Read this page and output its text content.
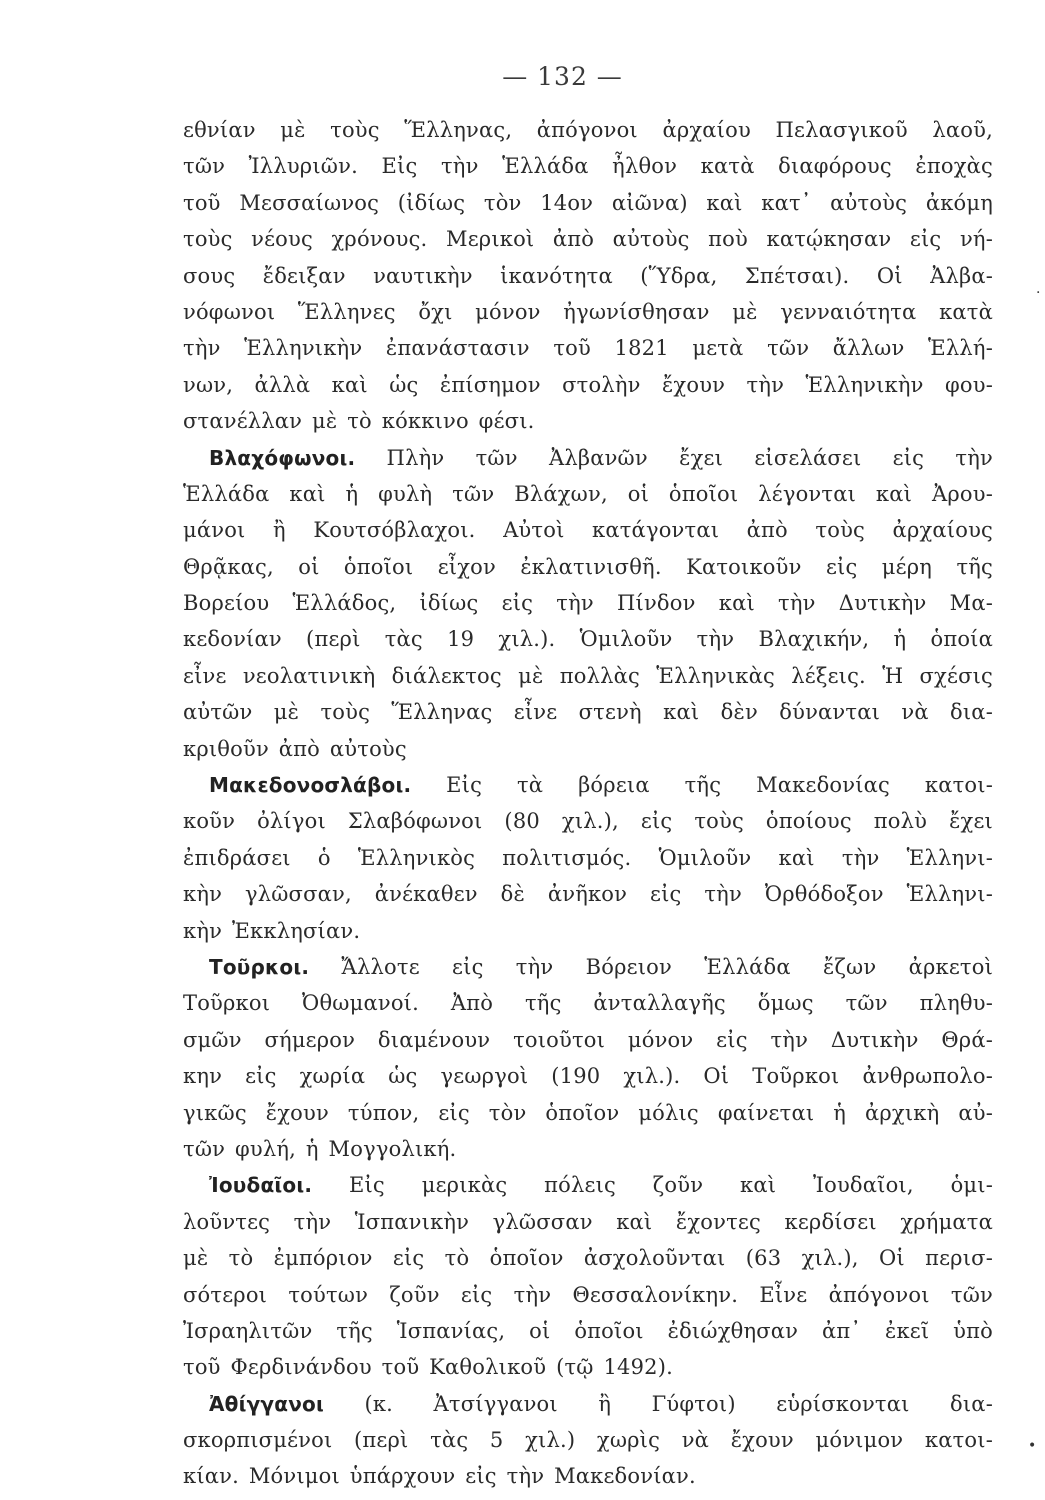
— 132 —
εθνίαν μὲ τοὺς Ἕλληνας, ἀπόγονοι ἀρχαίου Πελασγικοῦ λαοῦ,
τῶν Ἰλλυριῶν. Εἰς τὴν Ἑλλάδα ἦλθον κατὰ διαφόρους ἐποχὰς
τοῦ Μεσσαίωνος (ἰδίως τὸν 14ον αἰῶνα) καὶ κατ᾽ αὐτοὺς ἀκόμη
τοὺς νέους χρόνους. Μερικοὶ ἀπὸ αὐτοὺς ποὺ κατῴκησαν εἰς νή-
σους ἔδειξαν ναυτικὴν ἱκανότητα (Ὕδρα, Σπέτσαι). Οἱ Ἀλβα-
νόφωνοι Ἕλληνες ὄχι μόνον ἠγωνίσθησαν μὲ γενναιότητα κατὰ
τὴν Ἑλληνικὴν ἐπανάστασιν τοῦ 1821 μετὰ τῶν ἄλλων Ἑλλή-
νων, ἀλλὰ καὶ ὡς ἐπίσημον στολὴν ἔχουν τὴν Ἑλληνικὴν φου-
στανέλλαν μὲ τὸ κόκκινο φέσι.
Βλαχόφωνοι. Πλὴν τῶν Ἀλβανῶν ἔχει εἰσελάσει εἰς τὴν
Ἑλλάδα καὶ ἡ φυλὴ τῶν Βλάχων, οἱ ὁποῖοι λέγονται καὶ Ἀρου-
μάνοι ἢ Κουτσόβλαχοι. Αὐτοὶ κατάγονται ἀπὸ τοὺς ἀρχαίους
Θρᾷκας, οἱ ὁποῖοι εἶχον ἐκλατινισθῆ. Κατοικοῦν εἰς μέρη τῆς
Βορείου Ἑλλάδος, ἰδίως εἰς τὴν Πίνδον καὶ τὴν Δυτικὴν Μα-
κεδονίαν (περὶ τὰς 19 χιλ.). Ὁμιλοῦν τὴν Βλαχικήν, ἡ ὁποία
εἶνε νεολατινικὴ διάλεκτος μὲ πολλὰς Ἑλληνικὰς λέξεις. Ἡ σχέσις
αὐτῶν μὲ τοὺς Ἕλληνας εἶνε στενὴ καὶ δὲν δύνανται νὰ δια-
κριθοῦν ἀπὸ αὐτοὺς
Μακεδονοσλάβοι. Εἰς τὰ βόρεια τῆς Μακεδονίας κατοι-
κοῦν ὀλίγοι Σλαβόφωνοι (80 χιλ.), εἰς τοὺς ὁποίους πολὺ ἔχει
ἐπιδράσει ὁ Ἑλληνικὸς πολιτισμός. Ὁμιλοῦν καὶ τὴν Ἑλληνι-
κὴν γλῶσσαν, ἀνέκαθεν δὲ ἀνῆκον εἰς τὴν Ὀρθόδοξον Ἑλληνι-
κὴν Ἐκκλησίαν.
Τοῦρκοι. Ἄλλοτε εἰς τὴν Βόρειον Ἑλλάδα ἔζων ἀρκετοὶ
Τοῦρκοι Ὀθωμανοί. Ἀπὸ τῆς ἀνταλλαγῆς ὅμως τῶν πληθυ-
σμῶν σήμερον διαμένουν τοιοῦτοι μόνον εἰς τὴν Δυτικὴν Θρά-
κην εἰς χωρία ὡς γεωργοὶ (190 χιλ.). Οἱ Τοῦρκοι ἀνθρωπολο-
γικῶς ἔχουν τύπον, εἰς τὸν ὁποῖον μόλις φαίνεται ἡ ἀρχικὴ αὐ-
τῶν φυλή, ἡ Μογγολική.
Ἰουδαῖοι. Εἰς μερικὰς πόλεις ζοῦν καὶ Ἰουδαῖοι, ὁμι-
λοῦντες τὴν Ἱσπανικὴν γλῶσσαν καὶ ἔχοντες κερδίσει χρήματα
μὲ τὸ ἐμπόριον εἰς τὸ ὁποῖον ἀσχολοῦνται (63 χιλ.), Οἱ περισ-
σότεροι τούτων ζοῦν εἰς τὴν Θεσσαλονίκην. Εἶνε ἀπόγονοι τῶν
Ἰσραηλιτῶν τῆς Ἱσπανίας, οἱ ὁποῖοι ἐδιώχθησαν ἀπ᾽ ἐκεῖ ὑπὸ
τοῦ Φερδινάνδου τοῦ Καθολικοῦ (τῷ 1492).
Ἀθίγγανοι (κ. Ἀτσίγγανοι ἢ Γύφτοι) εὑρίσκονται δια-
σκορπισμένοι (περὶ τὰς 5 χιλ.) χωρὶς νὰ ἔχουν μόνιμον κατοι-
κίαν. Μόνιμοι ὑπάρχουν εἰς τὴν Μακεδονίαν.
·
•
